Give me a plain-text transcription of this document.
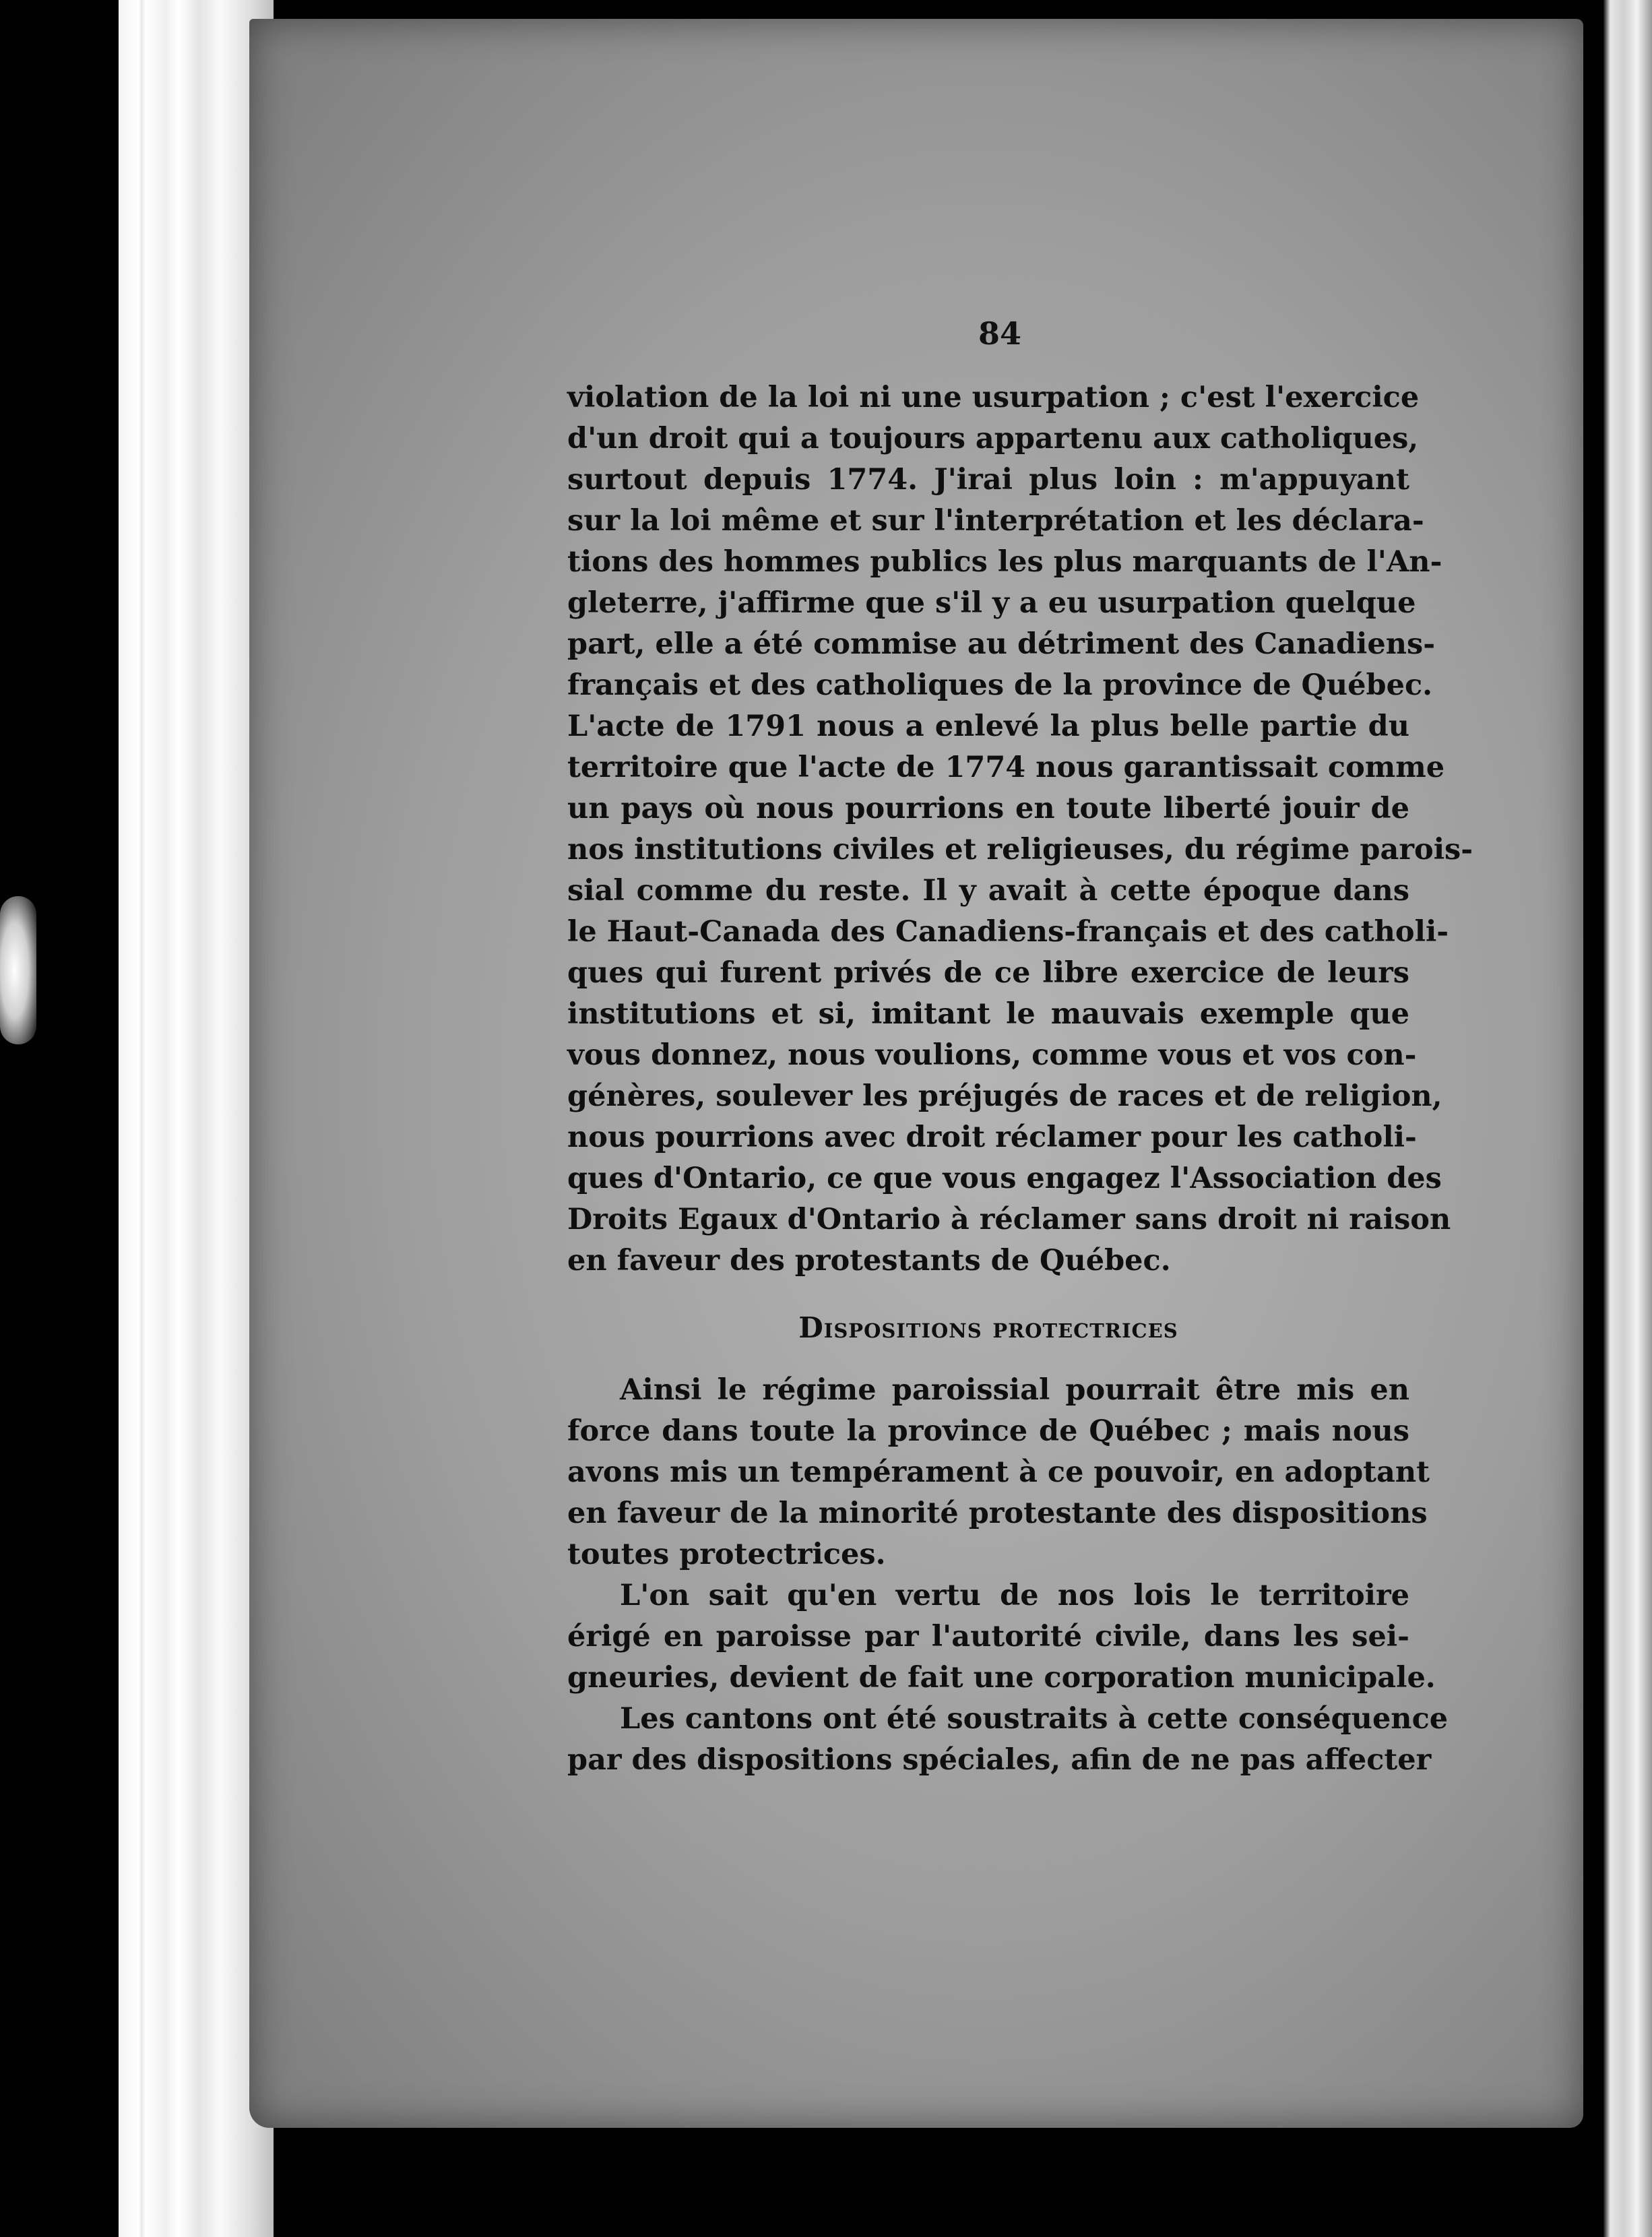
84

violation de la loi ni une usurpation ; c'est l'exercice
d'un droit qui a toujours appartenu aux catholiques,
surtout depuis 1774. J'irai plus loin : m'appuyant
sur la loi même et sur l'interprétation et les déclara-
tions des hommes publics les plus marquants de l'An-
gleterre, j'affirme que s'il y a eu usurpation quelque
part, elle a été commise au détriment des Canadiens-
français et des catholiques de la province de Québec.
L'acte de 1791 nous a enlevé la plus belle partie du
territoire que l'acte de 1774 nous garantissait comme
un pays où nous pourrions en toute liberté jouir de
nos institutions civiles et religieuses, du régime parois-
sial comme du reste. Il y avait à cette époque dans
le Haut-Canada des Canadiens-français et des catholi-
ques qui furent privés de ce libre exercice de leurs
institutions et si, imitant le mauvais exemple que
vous donnez, nous voulions, comme vous et vos con-
génères, soulever les préjugés de races et de religion,
nous pourrions avec droit réclamer pour les catholi-
ques d'Ontario, ce que vous engagez l'Association des
Droits Egaux d'Ontario à réclamer sans droit ni raison
en faveur des protestants de Québec.

Dispositions protectrices

Ainsi le régime paroissial pourrait être mis en
force dans toute la province de Québec ; mais nous
avons mis un tempérament à ce pouvoir, en adoptant
en faveur de la minorité protestante des dispositions
toutes protectrices.

L'on sait qu'en vertu de nos lois le territoire
érigé en paroisse par l'autorité civile, dans les sei-
gneuries, devient de fait une corporation municipale.

Les cantons ont été soustraits à cette conséquence
par des dispositions spéciales, afin de ne pas affecter
